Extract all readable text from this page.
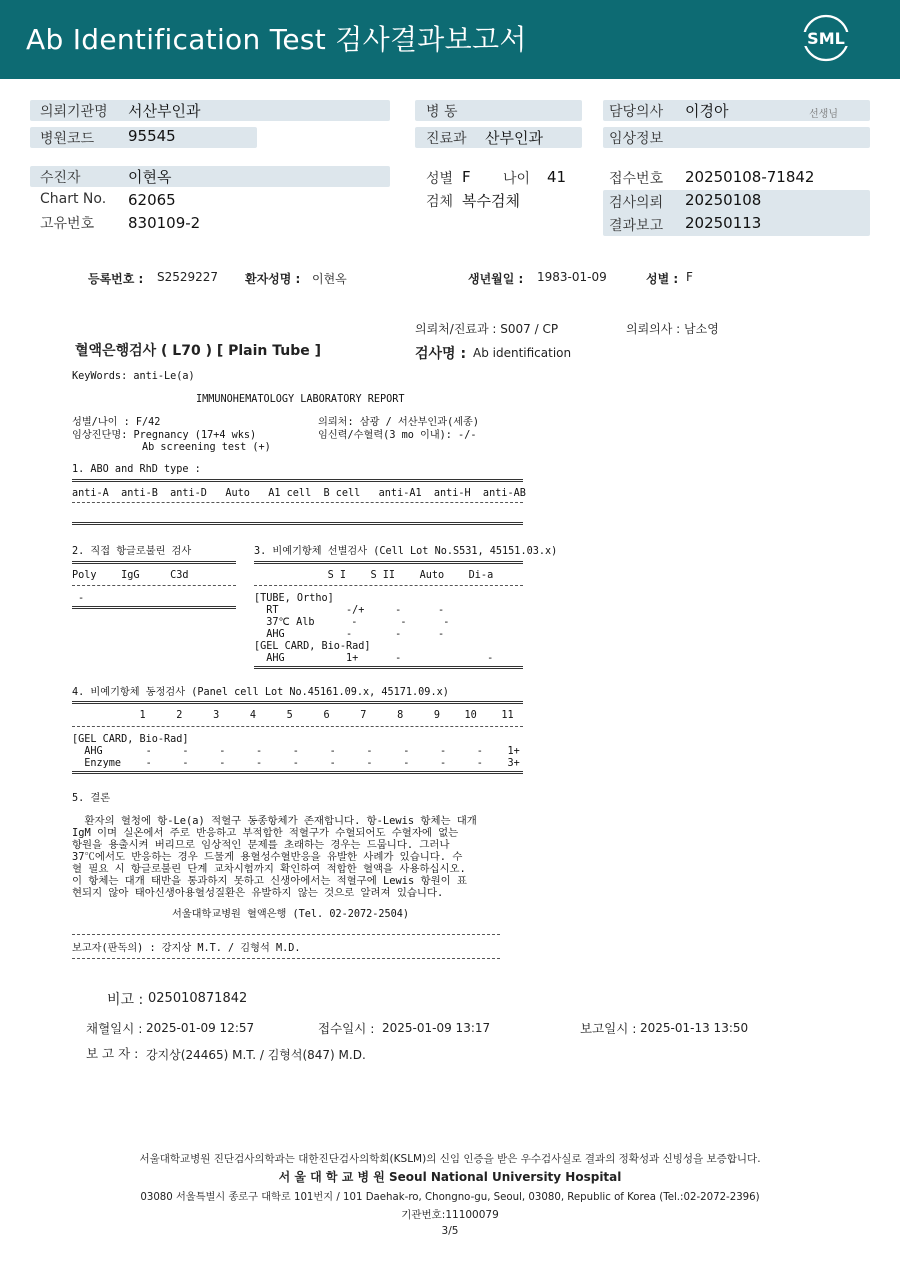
Ab Identification Test 검사결과보고서	SML
의뢰기관명 서산부인과
병원코드 95545
병 동
진료과 산부인과
담당의사 이경아	선생님
임상정보
수진자	이현옥
Chart No. 62065
고유번호 830109-2
성별 F 나이 41
검체 복수검체
접수번호 20250108-71842
검사의뢰 20250108
결과보고 20250113
등록번호 : S2529227 환자성명 : 이현옥	생년월일 : 1983-01-09	성별 : F
의뢰처/진료과 : S007 / CP	의뢰의사 : 남소영
혈액은행검사 ( L70 ) [ Plain Tube ]	검사명 : Ab identification
KeyWords: anti-Le(a)
IMMUNOHEMATOLOGY LABORATORY REPORT
성별/나이 : F/42	의뢰처: 삼광 / 서산부인과(세종)
임상진단명: Pregnancy (17+4 wks)	임신력/수혈력(3 mo 이내): -/-
Ab screening test (+)
1. ABO and RhD type :
anti-A  anti-B  anti-D   Auto   A1 cell  B cell   anti-A1  anti-H  anti-AB
2. 직접 항글로불린 검사
Poly    IgG     C3d
-
3. 비예기항체 선별검사 (Cell Lot No.S531, 45151.03.x)
S I    S II    Auto    Di-a
[TUBE, Ortho]
RT           -/+     -      -
37℃ Alb      -       -      -
AHG          -       -      -
[GEL CARD, Bio-Rad]
AHG          1+      -              -
4. 비예기항체 동정검사 (Panel cell Lot No.45161.09.x, 45171.09.x)
1     2     3     4     5     6     7     8     9    10    11
[GEL CARD, Bio-Rad]
AHG       -     -     -     -     -     -     -     -     -     -    1+
Enzyme    -     -     -     -     -     -     -     -     -     -    3+
5. 결론
환자의 혈청에 항-Le(a) 적혈구 동종항체가 존재합니다. 항-Lewis 항체는 대개
IgM 이며 실온에서 주로 반응하고 부적합한 적혈구가 수혈되어도 수혈자에 없는
항원을 용출시켜 버리므로 임상적인 문제를 초래하는 경우는 드뭅니다. 그러나
37℃에서도 반응하는 경우 드물게 용혈성수혈반응을 유발한 사례가 있습니다. 수
혈 필요 시 항글로불린 단계 교차시험까지 확인하여 적합한 혈액을 사용하십시오.
이 항체는 대개 태반을 통과하지 못하고 신생아에서는 적혈구에 Lewis 항원이 표
현되지 않아 태아신생아용혈성질환은 유발하지 않는 것으로 알려져 있습니다.
서울대학교병원 혈액은행 (Tel. 02-2072-2504)
보고자(판독의) : 강지상 M.T. / 김형석 M.D.
비고 : 025010871842
채혈일시 : 2025-01-09 12:57	접수일시 : 2025-01-09 13:17	보고일시 : 2025-01-13 13:50
보 고 자 : 강지상(24465) M.T. / 김형석(847) M.D.
서울대학교병원 진단검사의학과는 대한진단검사의학회(KSLM)의 신임 인증을 받은 우수검사실로 결과의 정확성과 신빙성을 보증합니다.
서 울 대 학 교 병 원 Seoul National University Hospital
03080 서울특별시 종로구 대학로 101번지 / 101 Daehak-ro, Chongno-gu, Seoul, 03080, Republic of Korea (Tel.:02-2072-2396)
기관번호:11100079
3/5
